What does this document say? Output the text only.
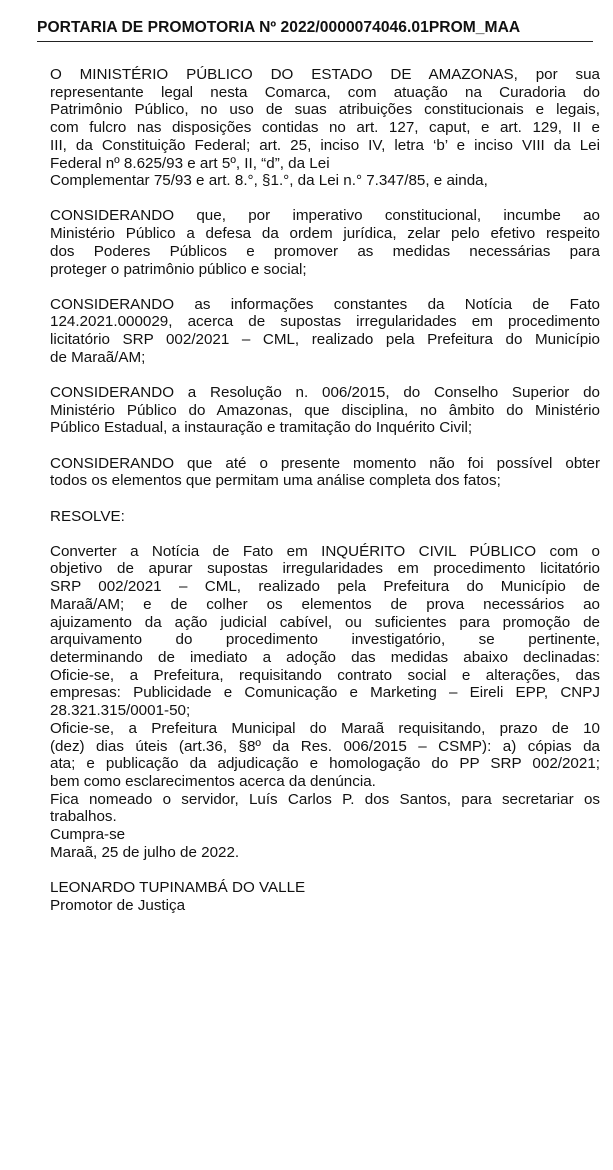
PORTARIA DE PROMOTORIA Nº 2022/0000074046.01PROM_MAA
O MINISTÉRIO PÚBLICO DO ESTADO DE AMAZONAS, por sua
representante legal nesta Comarca, com atuação na Curadoria do
Patrimônio Público, no uso de suas atribuições constitucionais e legais,
com fulcro nas disposições contidas no art. 127, caput, e art. 129, II e
III, da Constituição Federal; art. 25, inciso IV, letra ‘b’ e inciso VIII da Lei
Federal nº 8.625/93 e art 5º, II, “d”, da Lei
Complementar 75/93 e art. 8.°, §1.°, da Lei n.° 7.347/85, e ainda,
CONSIDERANDO que, por imperativo constitucional, incumbe ao
Ministério Público a defesa da ordem jurídica, zelar pelo efetivo respeito
dos Poderes Públicos e promover as medidas necessárias para
proteger o patrimônio público e social;
CONSIDERANDO as informações constantes da Notícia de Fato
124.2021.000029, acerca de supostas irregularidades em procedimento
licitatório SRP 002/2021 – CML, realizado pela Prefeitura do Município
de Maraã/AM;
CONSIDERANDO a Resolução n. 006/2015, do Conselho Superior do
Ministério Público do Amazonas, que disciplina, no âmbito do Ministério
Público Estadual, a instauração e tramitação do Inquérito Civil;
CONSIDERANDO que até o presente momento não foi possível obter
todos os elementos que permitam uma análise completa dos fatos;
RESOLVE:
Converter a Notícia de Fato em INQUÉRITO CIVIL PÚBLICO com o
objetivo de apurar supostas irregularidades em procedimento licitatório
SRP 002/2021 – CML, realizado pela Prefeitura do Município de
Maraã/AM; e de colher os elementos de prova necessários ao
ajuizamento da ação judicial cabível, ou suficientes para promoção de
arquivamento do procedimento investigatório, se pertinente,
determinando de imediato a adoção das medidas abaixo declinadas:
Oficie-se, a Prefeitura, requisitando contrato social e alterações, das
empresas: Publicidade e Comunicação e Marketing – Eireli EPP, CNPJ
28.321.315/0001-50;
Oficie-se, a Prefeitura Municipal do Maraã requisitando, prazo de 10
(dez) dias úteis (art.36, §8º da Res. 006/2015 – CSMP): a) cópias da
ata; e publicação da adjudicação e homologação do PP SRP 002/2021;
bem como esclarecimentos acerca da denúncia.
Fica nomeado o servidor, Luís Carlos P. dos Santos, para secretariar os
trabalhos.
Cumpra-se
Maraã, 25 de julho de 2022.
LEONARDO TUPINAMBÁ DO VALLE
Promotor de Justiça
